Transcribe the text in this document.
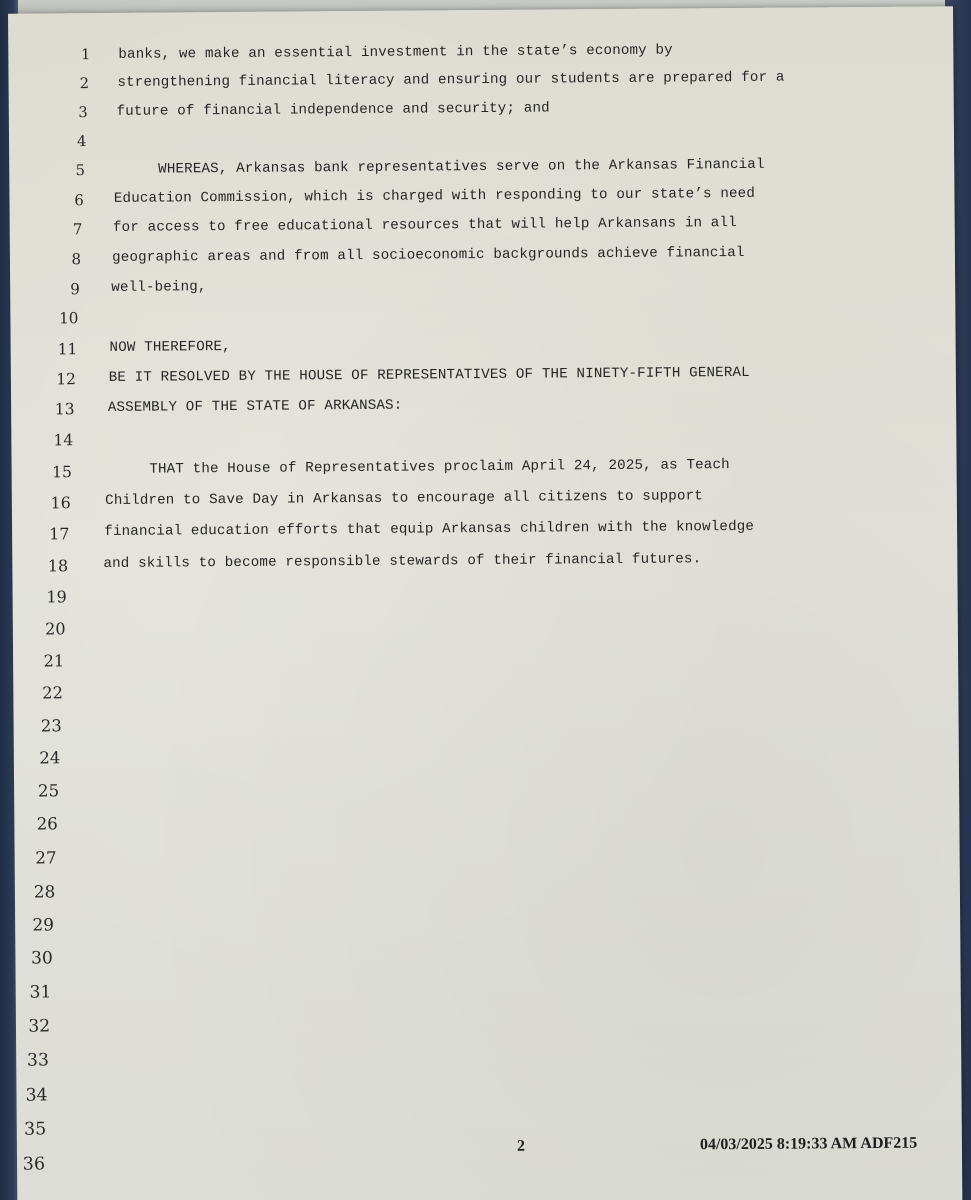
1 banks, we make an essential investment in the state’s economy by
2 strengthening financial literacy and ensuring our students are prepared for a
3 future of financial independence and security; and
4
5 WHEREAS, Arkansas bank representatives serve on the Arkansas Financial
6 Education Commission, which is charged with responding to our state’s need
7 for access to free educational resources that will help Arkansans in all
8 geographic areas and from all socioeconomic backgrounds achieve financial
9 well-being,
10
11 NOW THEREFORE,
12 BE IT RESOLVED BY THE HOUSE OF REPRESENTATIVES OF THE NINETY-FIFTH GENERAL
13 ASSEMBLY OF THE STATE OF ARKANSAS:
14
15 THAT the House of Representatives proclaim April 24, 2025, as Teach
16 Children to Save Day in Arkansas to encourage all citizens to support
17 financial education efforts that equip Arkansas children with the knowledge
18 and skills to become responsible stewards of their financial futures.
19
20
21
22
23
24
25
26
27
28
29
30
31
32
33
34
35
36
2	04/03/2025 8:19:33 AM ADF215
